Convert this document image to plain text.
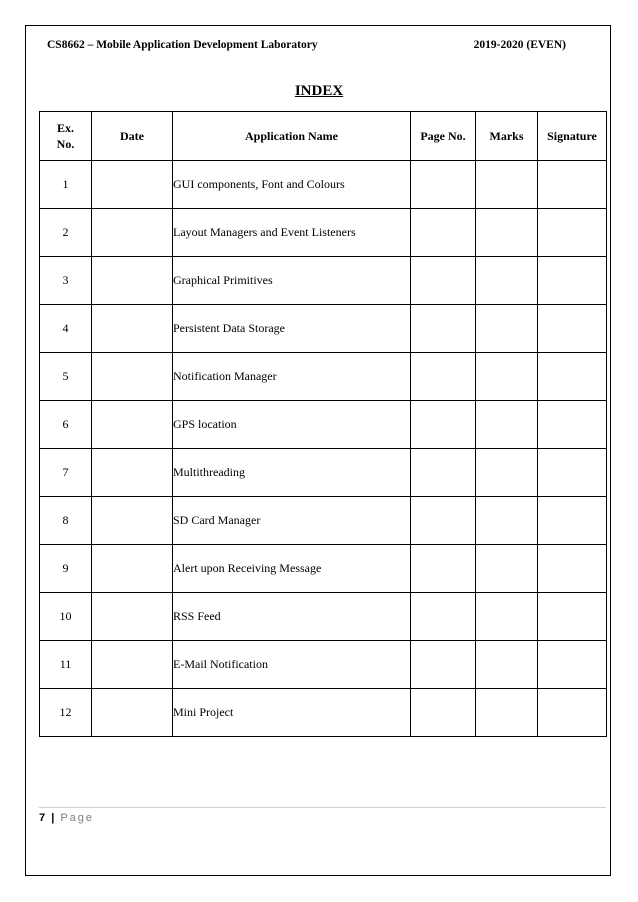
CS8662 – Mobile Application Development Laboratory	2019-2020 (EVEN)
INDEX
Ex.
No.	Date	Application Name	Page No.	Marks	Signature
1		GUI components, Font and Colours			
2		Layout Managers and Event Listeners			
3		Graphical Primitives			
4		Persistent Data Storage			
5		Notification Manager			
6		GPS location			
7		Multithreading			
8		SD Card Manager			
9		Alert upon Receiving Message			
10		RSS Feed			
11		E-Mail Notification			
12		Mini Project			
7 | Page
